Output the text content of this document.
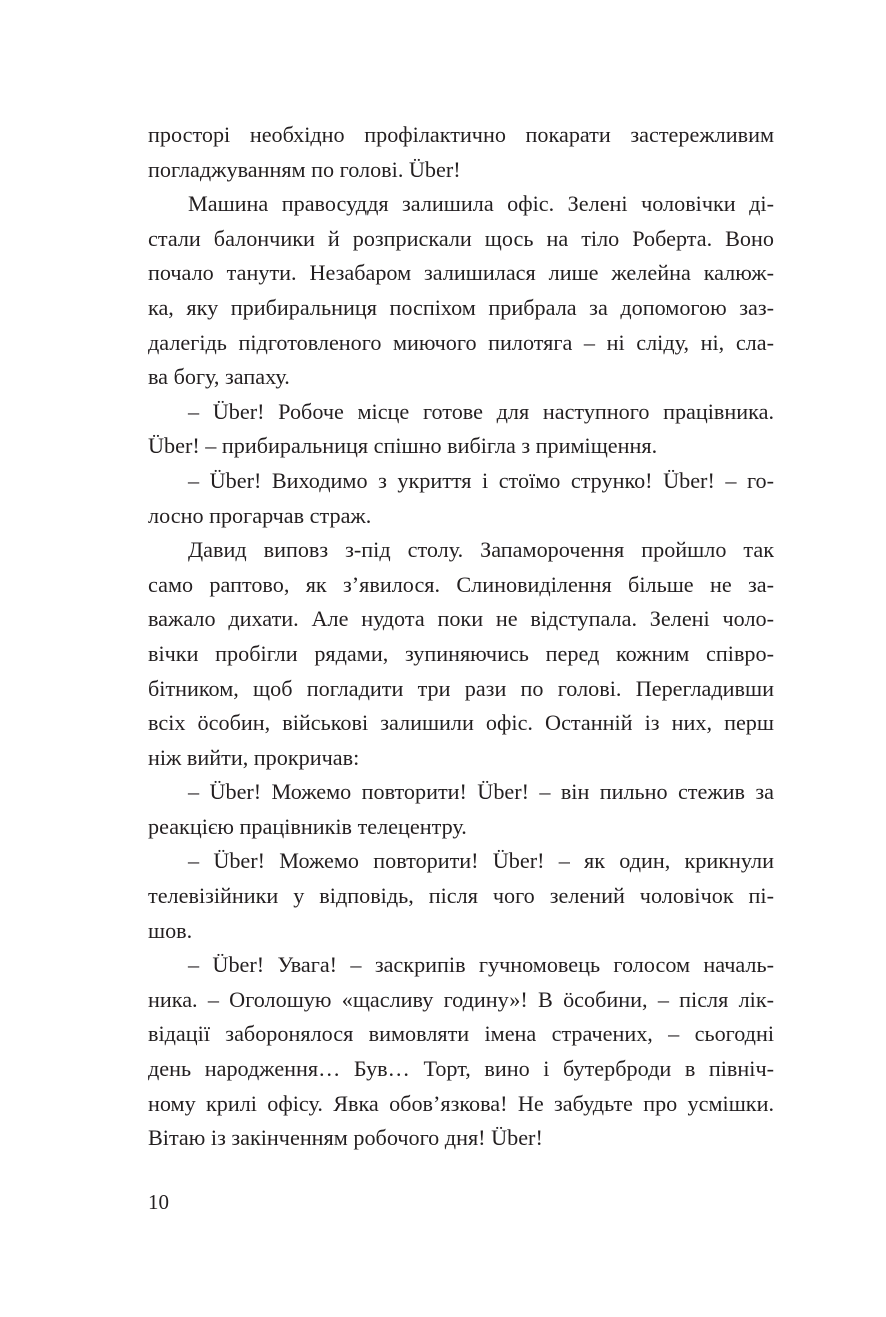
просторі необхідно профілактично покарати застережливим
погладжуванням по голові. Über!

Машина правосуддя залишила офіс. Зелені чоловічки ді-
стали балончики й розприскали щось на тіло Роберта. Воно
почало танути. Незабаром залишилася лише желейна калюж-
ка, яку прибиральниця поспіхом прибрала за допомогою заз-
далегідь підготовленого миючого пилотяга – ні сліду, ні, сла-
ва богу, запаху.

– Über! Робоче місце готове для наступного працівника.
Über! – прибиральниця спішно вибігла з приміщення.

– Über! Виходимо з укриття і стоїмо струнко! Über! – го-
лосно прогарчав страж.

Давид виповз з-під столу. Запаморочення пройшло так
само раптово, як з’явилося. Слиновиділення більше не за-
важало дихати. Але нудота поки не відступала. Зелені чоло-
вічки пробігли рядами, зупиняючись перед кожним співро-
бітником, щоб погладити три рази по голові. Перегладивши
всіх ӧсобин, військові залишили офіс. Останній із них, перш
ніж вийти, прокричав:

– Über! Можемо повторити! Über! – він пильно стежив за
реакцією працівників телецентру.

– Über! Можемо повторити! Über! – як один, крикнули
телевізійники у відповідь, після чого зелений чоловічок пі-
шов.

– Über! Увага! – заскрипів гучномовець голосом началь-
ника. – Оголошую «щасливу годину»! В ӧсобини, – після лік-
відації заборонялося вимовляти імена страчених, – сьогодні
день народження… Був… Торт, вино і бутерброди в північ-
ному крилі офісу. Явка обов’язкова! Не забудьте про усмішки.
Вітаю із закінченням робочого дня! Über!

10
